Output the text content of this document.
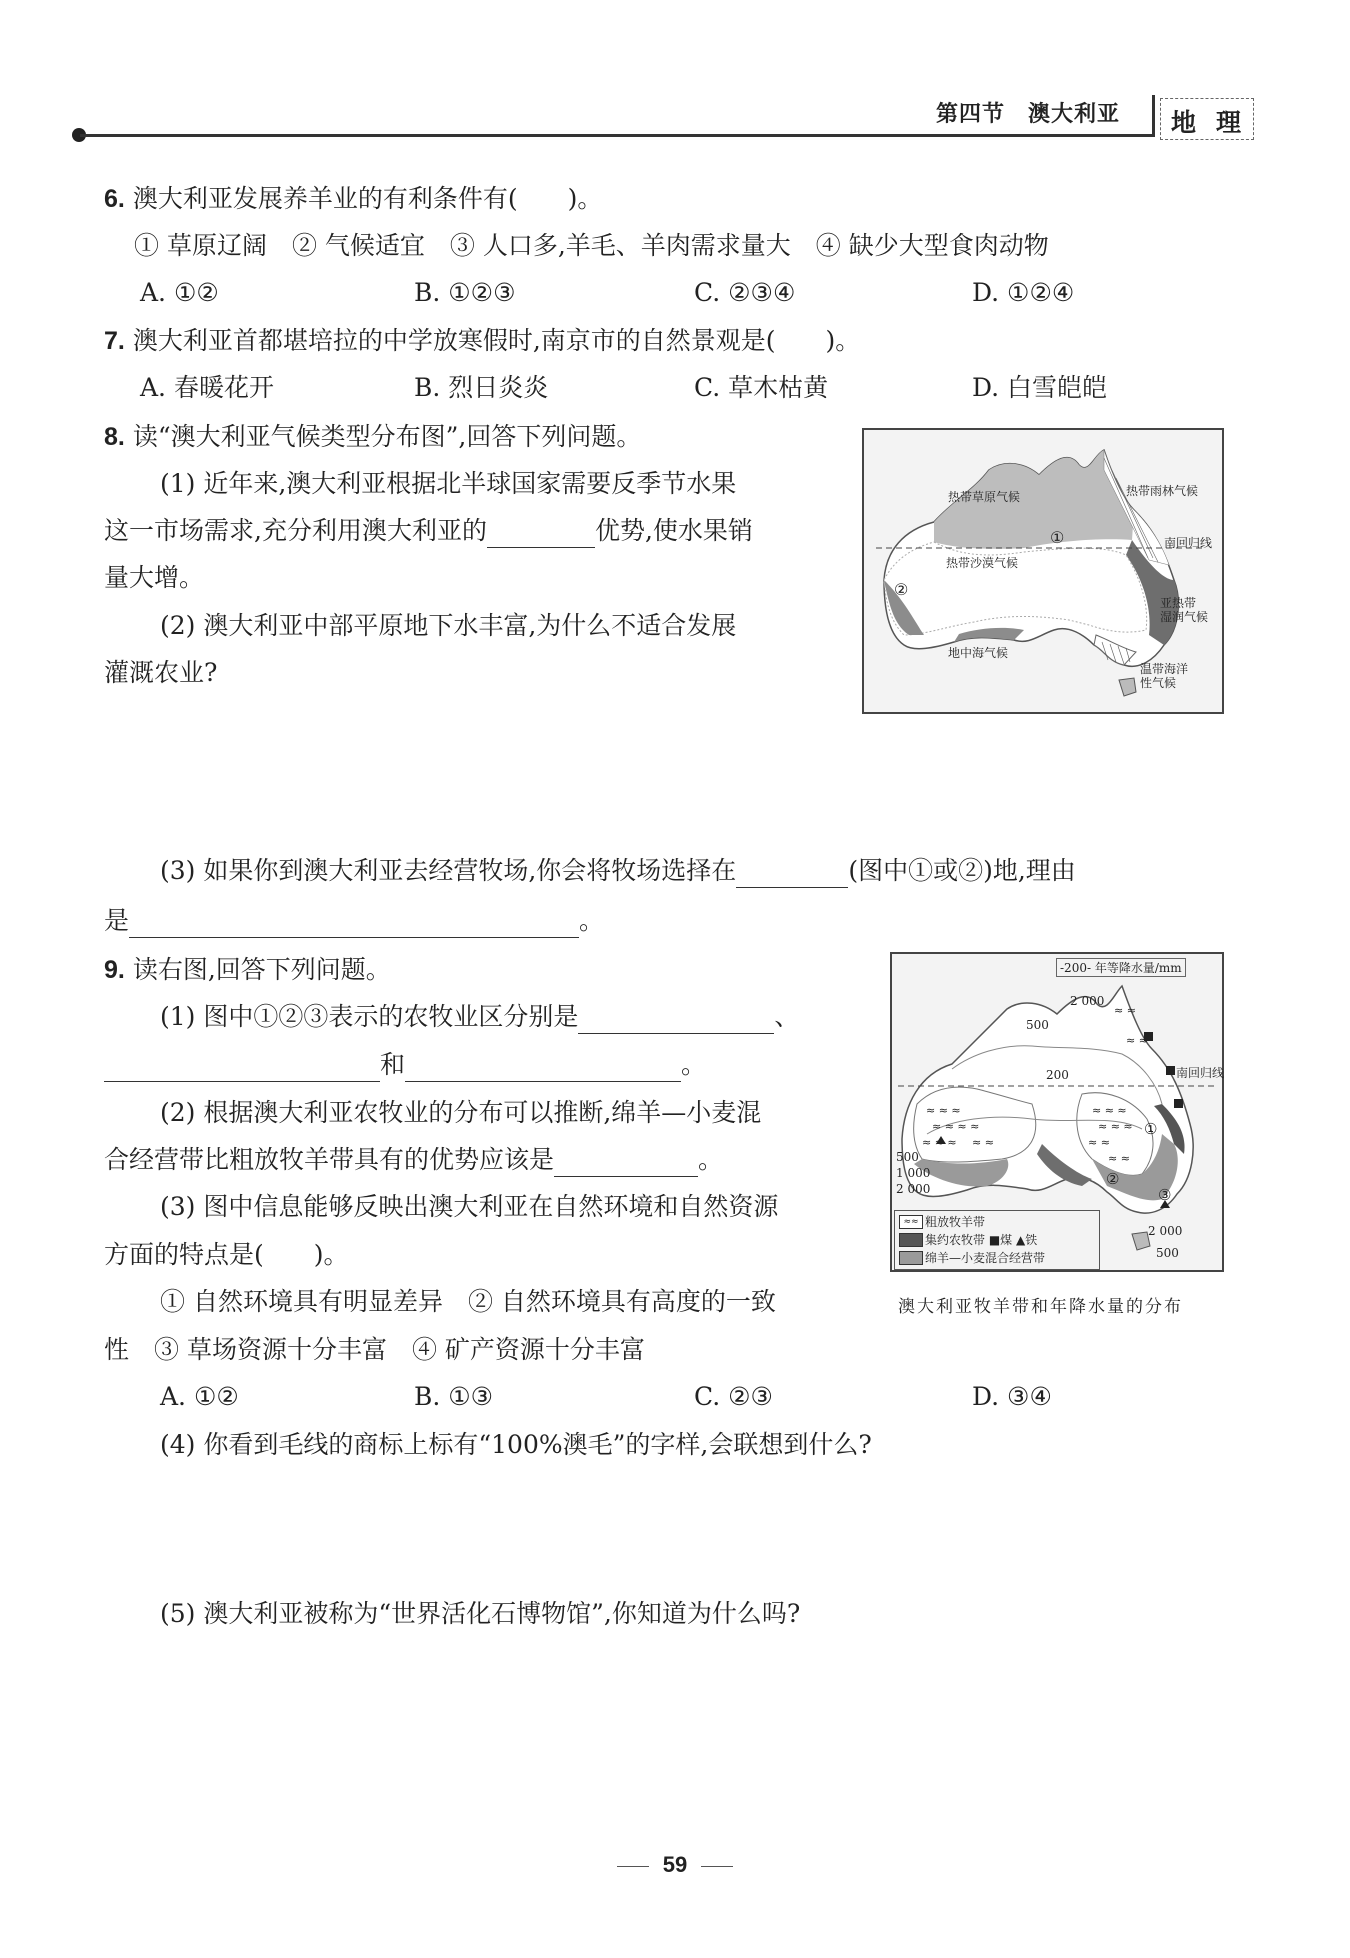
第四节　澳大利亚 地 理
6. 澳大利亚发展养羊业的有利条件有(　　)。
① 草原辽阔　② 气候适宜　③ 人口多,羊毛、羊肉需求量大　④ 缺少大型食肉动物
A. ①②	B. ①②③	C. ②③④	D. ①②④
7. 澳大利亚首都堪培拉的中学放寒假时,南京市的自然景观是(　　)。
A. 春暖花开	B. 烈日炎炎	C. 草木枯黄	D. 白雪皑皑
8. 读“澳大利亚气候类型分布图”,回答下列问题。
(1) 近年来,澳大利亚根据北半球国家需要反季节水果
这一市场需求,充分利用澳大利亚的	优势,使水果销
量大增。
(2) 澳大利亚中部平原地下水丰富,为什么不适合发展
灌溉农业?
(3) 如果你到澳大利亚去经营牧场,你会将牧场选择在	(图中①或②)地,理由
是	。
热带草原气候	热带雨林气候
南回归线
①
热带沙漠气候
②
亚热带
湿润气候
地中海气候
温带海洋
性气候
9. 读右图,回答下列问题。
(1) 图中①②③表示的农牧业区分别是	、
和	。
(2) 根据澳大利亚农牧业的分布可以推断,绵羊—小麦混
合经营带比粗放牧羊带具有的优势应该是	。
(3) 图中信息能够反映出澳大利亚在自然环境和自然资源
方面的特点是(　　)。
① 自然环境具有明显差异　② 自然环境具有高度的一致
性　③ 草场资源十分丰富　④ 矿产资源十分丰富
A. ①②	B. ①③	C. ②③	D. ③④
(4) 你看到毛线的商标上标有“100%澳毛”的字样,会联想到什么?
(5) 澳大利亚被称为“世界活化石博物馆”,你知道为什么吗?
≈ ≈ ≈
≈ ≈ ≈ ≈
≈ ≈ ≈ ≈ ≈
≈ ≈ ≈
≈ ≈ ≈
≈ ≈
≈ ≈
≈ ≈
≈ ≈
-200- 年等降水量/mm
南回归线
2 000
500
500
1 000
2 000
200
2 000
500
①
②
③
≈≈ 粗放牧羊带
集约农牧带 ■煤 ▲铁
绵羊—小麦混合经营带
澳大利亚牧羊带和年降水量的分布
59
